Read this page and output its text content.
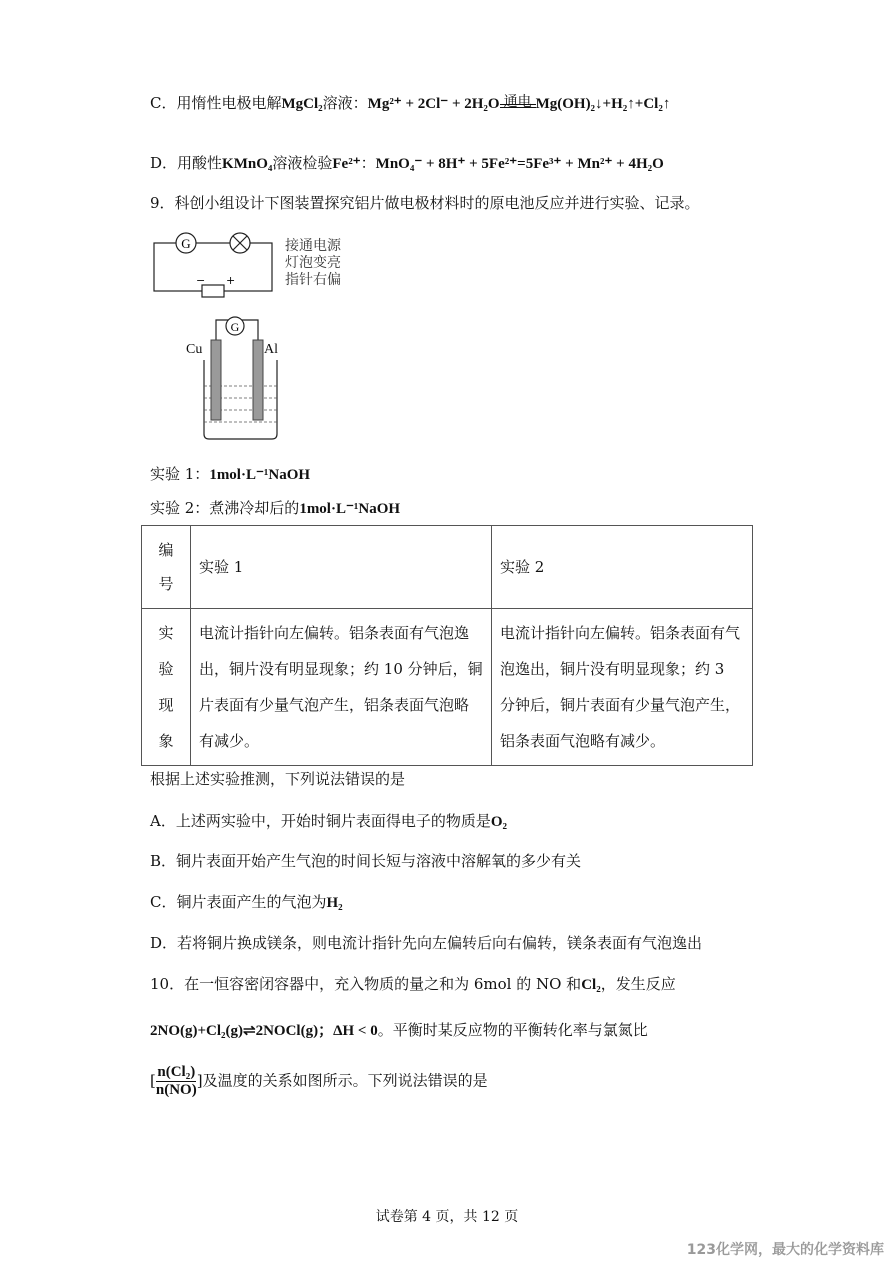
C．用惰性电极电解MgCl₂溶液：Mg²⁺ + 2Cl⁻ + 2H₂O 通电 Mg(OH)₂↓+H₂↑+Cl₂↑
D．用酸性KMnO₄溶液检验Fe²⁺：MnO₄⁻ + 8H⁺ + 5Fe²⁺=5Fe³⁺ + Mn²⁺ + 4H₂O
9．科创小组设计下图装置探究铝片做电极材料时的原电池反应并进行实验、记录。
G
− +
接通电源
灯泡变亮
指针右偏
G
Cu	Al
实验 1：1mol·L⁻¹NaOH
实验 2：煮沸冷却后的1mol·L⁻¹NaOH
编号	实验 1	实验 2

实验现象	电流计指针向左偏转。铝条表面有气泡逸出，铜片没有明显现象；约 10 分钟后，铜片表面有少量气泡产生，铝条表面气泡略有减少。	电流计指针向左偏转。铝条表面有气泡逸出，铜片没有明显现象；约 3 分钟后，铜片表面有少量气泡产生，铝条表面气泡略有减少。
根据上述实验推测，下列说法错误的是
A．上述两实验中，开始时铜片表面得电子的物质是O₂
B．铜片表面开始产生气泡的时间长短与溶液中溶解氧的多少有关
C．铜片表面产生的气泡为H₂
D．若将铜片换成镁条，则电流计指针先向左偏转后向右偏转，镁条表面有气泡逸出
10．在一恒容密闭容器中，充入物质的量之和为 6mol 的 NO 和Cl₂，发生反应
2NO(g)+Cl₂(g)⇌2NOCl(g)；ΔH < 0。平衡时某反应物的平衡转化率与氯氮比
[ $\frac{\text{n(Cl₂)}}{n(NO)}$ ]及温度的关系如图所示。下列说法错误的是
试卷第 4 页，共 12 页
123化学网，最大的化学资料库
